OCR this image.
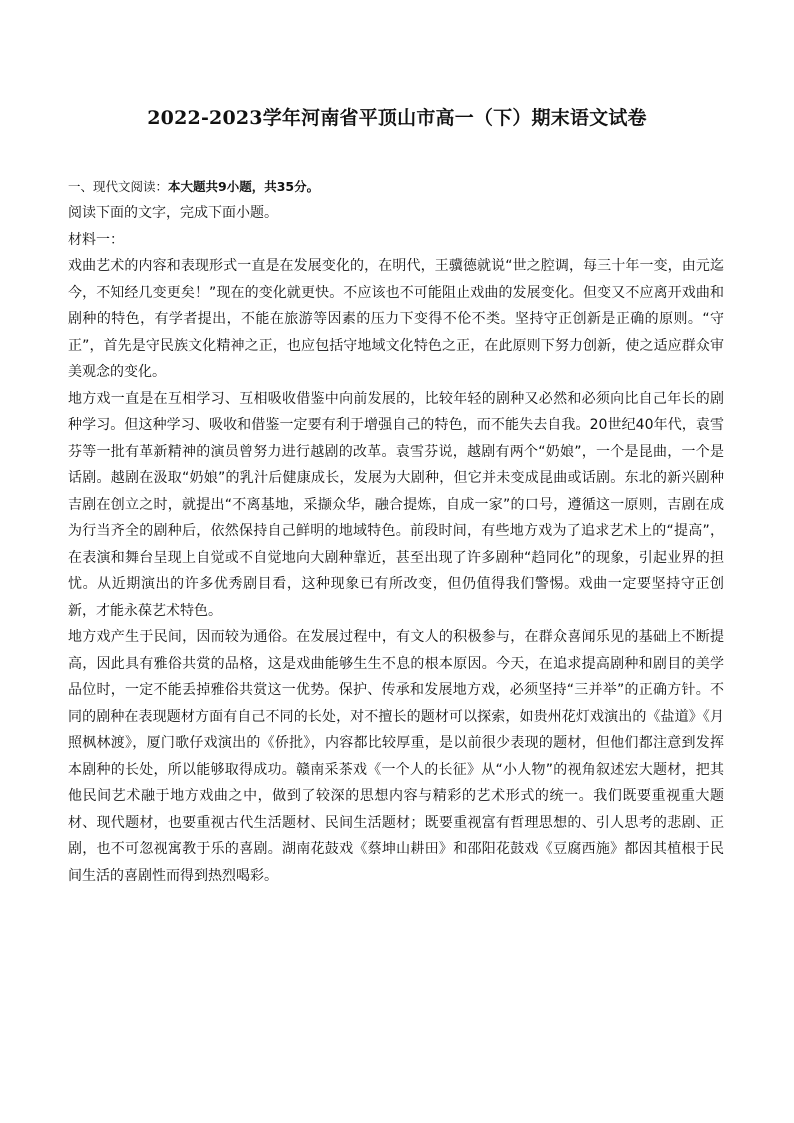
2022-2023学年河南省平顶山市高一（下）期末语文试卷

一、现代文阅读：本大题共9小题，共35分。

阅读下面的文字，完成下面小题。

材料一：

戏曲艺术的内容和表现形式一直是在发展变化的，在明代，王骥德就说“世之腔调，每三十年一变，由元迄今，不知经几变更矣！”现在的变化就更快。不应该也不可能阻止戏曲的发展变化。但变又不应离开戏曲和剧种的特色，有学者提出，不能在旅游等因素的压力下变得不伦不类。坚持守正创新是正确的原则。“守正”，首先是守民族文化精神之正，也应包括守地域文化特色之正，在此原则下努力创新，使之适应群众审美观念的变化。

地方戏一直是在互相学习、互相吸收借鉴中向前发展的，比较年轻的剧种又必然和必须向比自己年长的剧种学习。但这种学习、吸收和借鉴一定要有利于增强自己的特色，而不能失去自我。20世纪40年代，袁雪芬等一批有革新精神的演员曾努力进行越剧的改革。袁雪芬说，越剧有两个“奶娘”，一个是昆曲，一个是话剧。越剧在汲取“奶娘”的乳汁后健康成长，发展为大剧种，但它并未变成昆曲或话剧。东北的新兴剧种吉剧在创立之时，就提出“不离基地，采撷众华，融合提炼，自成一家”的口号，遵循这一原则，吉剧在成为行当齐全的剧种后，依然保持自己鲜明的地域特色。前段时间，有些地方戏为了追求艺术上的“提高”，在表演和舞台呈现上自觉或不自觉地向大剧种靠近，甚至出现了许多剧种“趋同化”的现象，引起业界的担忧。从近期演出的许多优秀剧目看，这种现象已有所改变，但仍值得我们警惕。戏曲一定要坚持守正创新，才能永葆艺术特色。

地方戏产生于民间，因而较为通俗。在发展过程中，有文人的积极参与，在群众喜闻乐见的基础上不断提高，因此具有雅俗共赏的品格，这是戏曲能够生生不息的根本原因。今天，在追求提高剧种和剧目的美学品位时，一定不能丢掉雅俗共赏这一优势。保护、传承和发展地方戏，必须坚持“三并举”的正确方针。不同的剧种在表现题材方面有自己不同的长处，对不擅长的题材可以探索，如贵州花灯戏演出的《盐道》《月照枫林渡》，厦门歌仔戏演出的《侨批》，内容都比较厚重，是以前很少表现的题材，但他们都注意到发挥本剧种的长处，所以能够取得成功。赣南采茶戏《一个人的长征》从“小人物”的视角叙述宏大题材，把其他民间艺术融于地方戏曲之中，做到了较深的思想内容与精彩的艺术形式的统一。我们既要重视重大题材、现代题材，也要重视古代生活题材、民间生活题材；既要重视富有哲理思想的、引人思考的悲剧、正剧，也不可忽视寓教于乐的喜剧。湖南花鼓戏《蔡坤山耕田》和邵阳花鼓戏《豆腐西施》都因其植根于民间生活的喜剧性而得到热烈喝彩。
